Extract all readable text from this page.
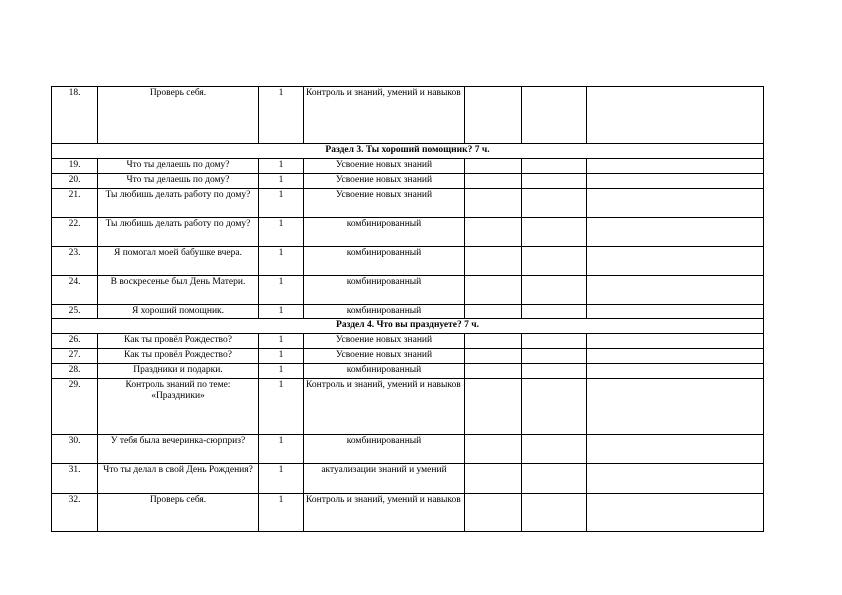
18.	Проверь себя.	1	Контроль и знаний, умений и навыков			
Раздел 3. Ты хороший помощник? 7 ч.						
19.	Что ты делаешь по дому?	1	Усвоение новых знаний			
20.	Что ты делаешь по дому?	1	Усвоение новых знаний			
21.	Ты любишь делать работу по дому?	1	Усвоение новых знаний			
22.	Ты любишь делать работу по дому?	1	комбинированный			
23.	Я помогал моей бабушке вчера.	1	комбинированный			
24.	В воскресенье был День Матери.	1	комбинированный			
25.	Я хороший помощник.	1	комбинированный			
Раздел 4. Что вы празднуете? 7 ч.						
26.	Как ты провёл Рождество?	1	Усвоение новых знаний			
27.	Как ты провёл Рождество?	1	Усвоение новых знаний			
28.	Праздники и подарки.	1	комбинированный			
29.	Контроль знаний по теме: «Праздники»	1	Контроль и знаний, умений и навыков			
30.	У тебя была вечеринка-сюрприз?	1	комбинированный			
31.	Что ты делал в свой День Рождения?	1	актуализации знаний и умений			
32.	Проверь себя.	1	Контроль и знаний, умений и навыков			
